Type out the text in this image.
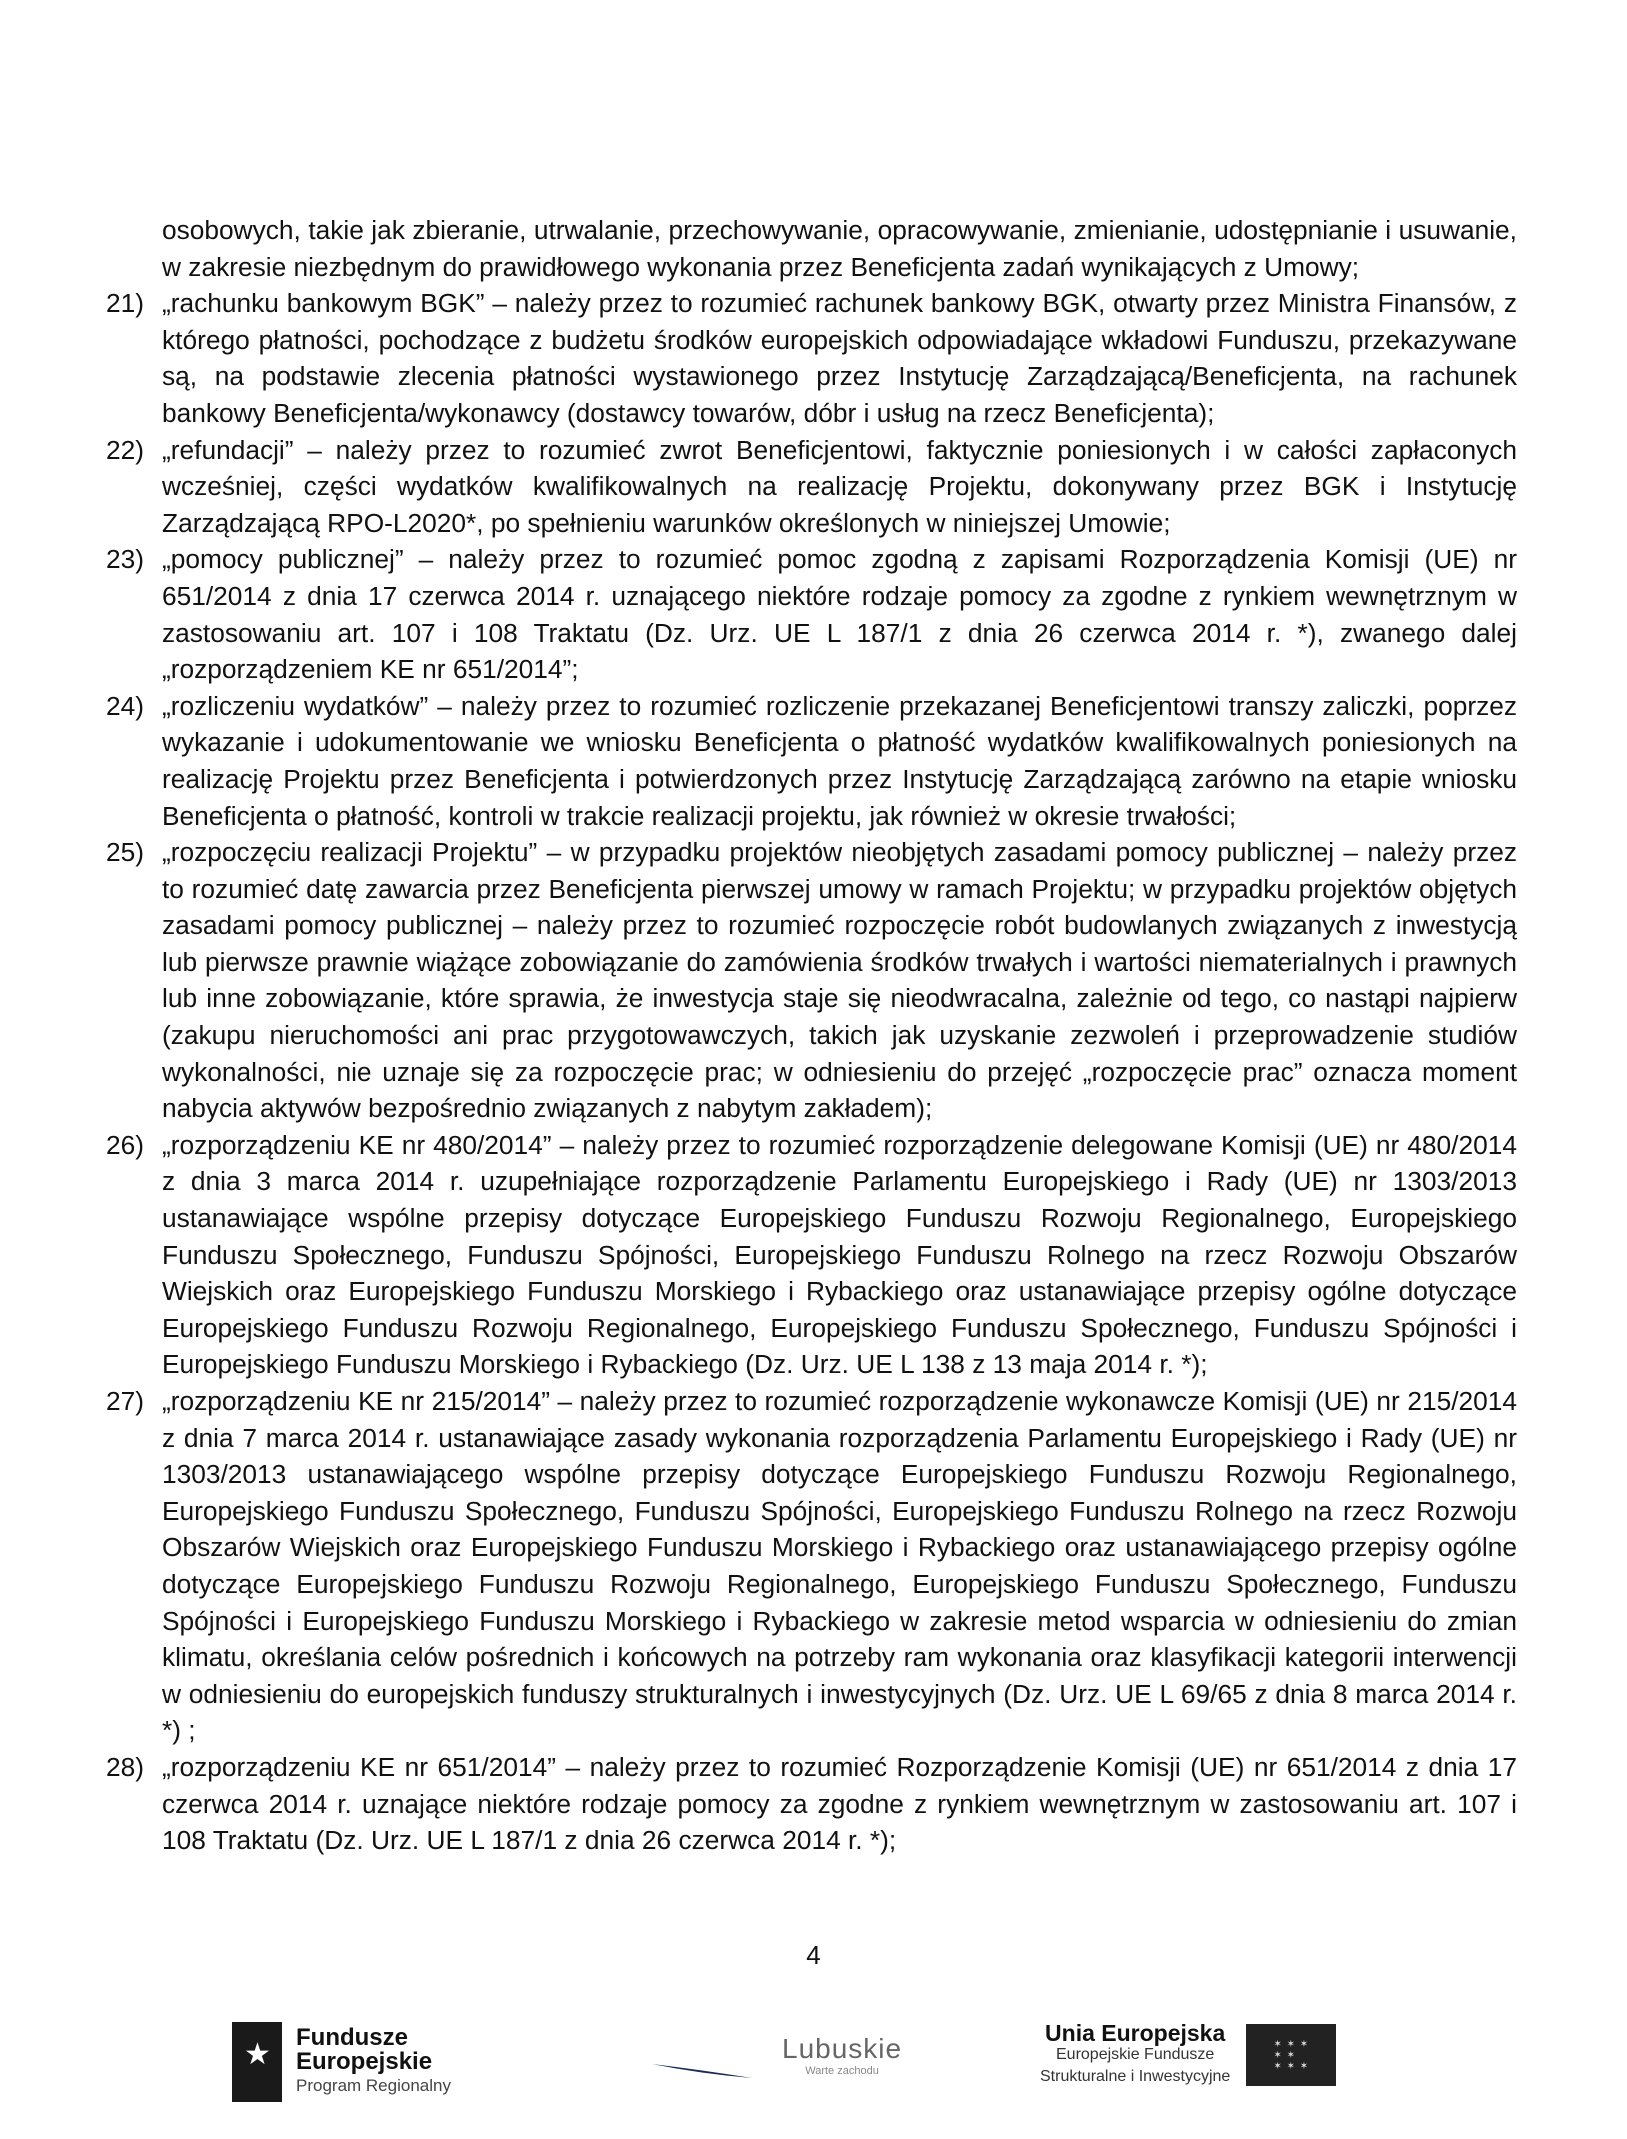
osobowych, takie jak zbieranie, utrwalanie, przechowywanie, opracowywanie, zmienianie, udostępnianie i usuwanie, w zakresie niezbędnym do prawidłowego wykonania przez Beneficjenta zadań wynikających z Umowy;

21) „rachunku bankowym BGK” – należy przez to rozumieć rachunek bankowy BGK, otwarty przez Ministra Finansów, z którego płatności, pochodzące z budżetu środków europejskich odpowiadające wkładowi Funduszu, przekazywane są, na podstawie zlecenia płatności wystawionego przez Instytucję Zarządzającą/Beneficjenta, na rachunek bankowy Beneficjenta/wykonawcy (dostawcy towarów, dóbr i usług na rzecz Beneficjenta);
22) „refundacji” – należy przez to rozumieć zwrot Beneficjentowi, faktycznie poniesionych i w całości zapłaconych wcześniej, części wydatków kwalifikowalnych na realizację Projektu, dokonywany przez BGK i Instytucję Zarządzającą RPO-L2020*, po spełnieniu warunków określonych w niniejszej Umowie;
23) „pomocy publicznej” – należy przez to rozumieć pomoc zgodną z zapisami Rozporządzenia Komisji (UE) nr 651/2014 z dnia 17 czerwca 2014 r. uznającego niektóre rodzaje pomocy za zgodne z rynkiem wewnętrznym w zastosowaniu art. 107 i 108 Traktatu (Dz. Urz. UE L 187/1 z dnia 26 czerwca 2014 r. *), zwanego dalej „rozporządzeniem KE nr 651/2014”;
24) „rozliczeniu wydatków” – należy przez to rozumieć rozliczenie przekazanej Beneficjentowi transzy zaliczki, poprzez wykazanie i udokumentowanie we wniosku Beneficjenta o płatność wydatków kwalifikowalnych poniesionych na realizację Projektu przez Beneficjenta i potwierdzonych przez Instytucję Zarządzającą zarówno na etapie wniosku Beneficjenta o płatność, kontroli w trakcie realizacji projektu, jak również w okresie trwałości;
25) „rozpoczęciu realizacji Projektu” – w przypadku projektów nieobjętych zasadami pomocy publicznej – należy przez to rozumieć datę zawarcia przez Beneficjenta pierwszej umowy w ramach Projektu; w przypadku projektów objętych zasadami pomocy publicznej – należy przez to rozumieć rozpoczęcie robót budowlanych związanych z inwestycją lub pierwsze prawnie wiążące zobowiązanie do zamówienia środków trwałych i wartości niematerialnych i prawnych lub inne zobowiązanie, które sprawia, że inwestycja staje się nieodwracalna, zależnie od tego, co nastąpi najpierw (zakupu nieruchomości ani prac przygotowawczych, takich jak uzyskanie zezwoleń i przeprowadzenie studiów wykonalności, nie uznaje się za rozpoczęcie prac; w odniesieniu do przejęć „rozpoczęcie prac” oznacza moment nabycia aktywów bezpośrednio związanych z nabytym zakładem);
26) „rozporządzeniu KE nr 480/2014” – należy przez to rozumieć rozporządzenie delegowane Komisji (UE) nr 480/2014 z dnia 3 marca 2014 r. uzupełniające rozporządzenie Parlamentu Europejskiego i Rady (UE) nr 1303/2013 ustanawiające wspólne przepisy dotyczące Europejskiego Funduszu Rozwoju Regionalnego, Europejskiego Funduszu Społecznego, Funduszu Spójności, Europejskiego Funduszu Rolnego na rzecz Rozwoju Obszarów Wiejskich oraz Europejskiego Funduszu Morskiego i Rybackiego oraz ustanawiające przepisy ogólne dotyczące Europejskiego Funduszu Rozwoju Regionalnego, Europejskiego Funduszu Społecznego, Funduszu Spójności i Europejskiego Funduszu Morskiego i Rybackiego (Dz. Urz. UE L 138 z 13 maja 2014 r. *);
27) „rozporządzeniu KE nr 215/2014” – należy przez to rozumieć rozporządzenie wykonawcze Komisji (UE) nr 215/2014 z dnia 7 marca 2014 r. ustanawiające zasady wykonania rozporządzenia Parlamentu Europejskiego i Rady (UE) nr 1303/2013 ustanawiającego wspólne przepisy dotyczące Europejskiego Funduszu Rozwoju Regionalnego, Europejskiego Funduszu Społecznego, Funduszu Spójności, Europejskiego Funduszu Rolnego na rzecz Rozwoju Obszarów Wiejskich oraz Europejskiego Funduszu Morskiego i Rybackiego oraz ustanawiającego przepisy ogólne dotyczące Europejskiego Funduszu Rozwoju Regionalnego, Europejskiego Funduszu Społecznego, Funduszu Spójności i Europejskiego Funduszu Morskiego i Rybackiego w zakresie metod wsparcia w odniesieniu do zmian klimatu, określania celów pośrednich i końcowych na potrzeby ram wykonania oraz klasyfikacji kategorii interwencji w odniesieniu do europejskich funduszy strukturalnych i inwestycyjnych (Dz. Urz. UE L 69/65 z dnia 8 marca 2014 r. *) ;
28) „rozporządzeniu KE nr 651/2014” – należy przez to rozumieć Rozporządzenie Komisji (UE) nr 651/2014 z dnia 17 czerwca 2014 r. uznające niektóre rodzaje pomocy za zgodne z rynkiem wewnętrznym w zastosowaniu art. 107 i 108 Traktatu (Dz. Urz. UE L 187/1 z dnia 26 czerwca 2014 r. *);
4
★
Fundusze
Europejskie
Program Regionalny
Lubuskie
Warte zachodu
Unia Europejska
Europejskie Fundusze
Strukturalne i Inwestycyjne
✶ ✶ ✶
✶ ✶
✶ ✶ ✶
